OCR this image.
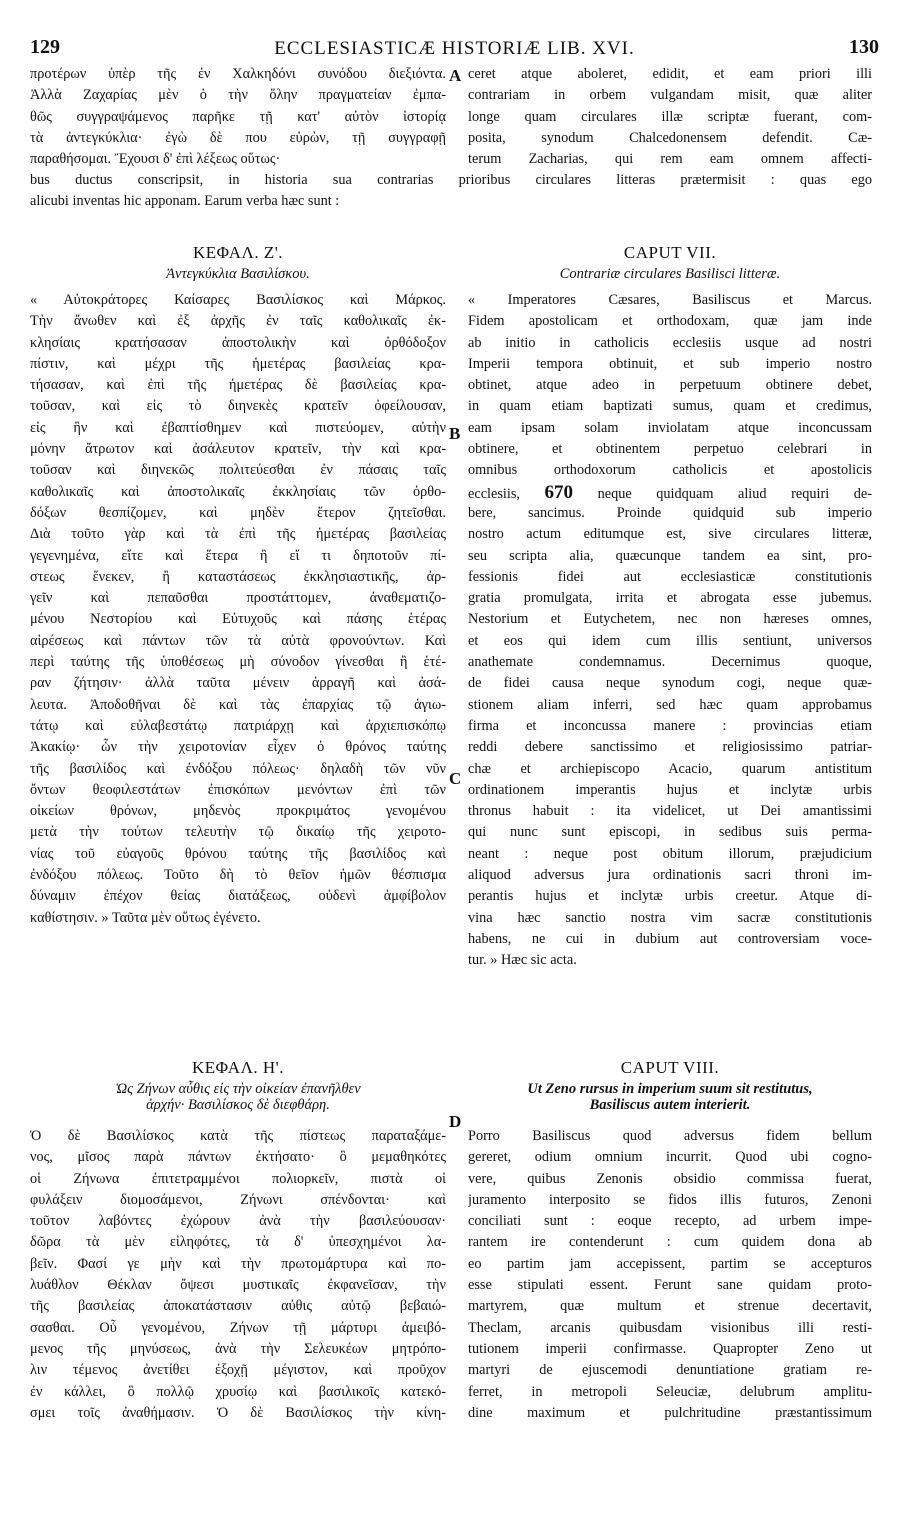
129	ECCLESIASTICÆ HISTORIÆ LIB. XVI.	130
A
B
C
D
προτέρων ὑπὲρ τῆς ἐν Χαλκηδόνι συνόδου διεξιόντα.
Ἀλλὰ Ζαχαρίας μὲν ὁ τὴν ὅλην πραγματείαν ἐμπα-
θῶς συγγραψάμενος παρῆκε τῇ κατ' αὐτὸν ἱστορίᾳ
τὰ ἀντεγκύκλια· ἐγὼ δὲ που εὑρὼν, τῇ συγγραφῇ
παραθήσομαι. Ἔχουσι δ' ἐπὶ λέξεως οὕτως·
ceret atque aboleret, edidit, et eam priori illi
contrariam in orbem vulgandam misit, quæ aliter
longe quam circulares illæ scriptæ fuerant, com-
posita, synodum Chalcedonensem defendit. Cæ-
terum Zacharias, qui rem eam omnem affecti-
bus ductus conscripsit, in historia sua contrarias prioribus circulares litteras prætermisit : quas ego
alicubi inventas hic apponam. Earum verba hæc sunt :
ΚΕΦΑΛ. Ζ'.
Ἀντεγκύκλια Βασιλίσκου.
CAPUT VII.
Contrariæ circulares Basilisci litteræ.
« Αὐτοκράτορες Καίσαρες Βασιλίσκος καὶ Μάρκος.
Τὴν ἄνωθεν καὶ ἐξ ἀρχῆς ἐν ταῖς καθολικαῖς ἐκ-
κλησίαις κρατήσασαν ἀποστολικὴν καὶ ὀρθόδοξον
πίστιν, καὶ μέχρι τῆς ἡμετέρας βασιλείας κρα-
τήσασαν, καὶ ἐπὶ τῆς ἡμετέρας δὲ βασιλείας κρα-
τοῦσαν, καὶ εἰς τὸ διηνεκὲς κρατεῖν ὀφείλουσαν,
εἰς ἣν καὶ ἐβαπτίσθημεν καὶ πιστεύομεν, αὐτὴν
μόνην ἄτρωτον καὶ ἀσάλευτον κρατεῖν, τὴν καὶ κρα-
τοῦσαν καὶ διηνεκῶς πολιτεύεσθαι ἐν πάσαις ταῖς
καθολικαῖς καὶ ἀποστολικαῖς ἐκκλησίαις τῶν ὀρθο-
δόξων θεσπίζομεν, καὶ μηδὲν ἕτερον ζητεῖσθαι.
Διὰ τοῦτο γὰρ καὶ τὰ ἐπὶ τῆς ἡμετέρας βασιλείας
γεγενημένα, εἴτε καὶ ἕτερα ἢ εἴ τι δηποτοῦν πί-
στεως ἕνεκεν, ἢ καταστάσεως ἐκκλησιαστικῆς, ἀρ-
γεῖν καὶ πεπαῦσθαι προστάττομεν, ἀναθεματιζο-
μένου Νεστορίου καὶ Εὐτυχοῦς καὶ πάσης ἑτέρας
αἱρέσεως καὶ πάντων τῶν τὰ αὐτὰ φρονούντων. Καὶ
περὶ ταύτης τῆς ὑποθέσεως μὴ σύνοδον γίνεσθαι ἢ ἑτέ-
ραν ζήτησιν· ἀλλὰ ταῦτα μένειν ἀρραγῆ καὶ ἀσά-
λευτα. Ἀποδοθῆναι δὲ καὶ τὰς ἐπαρχίας τῷ ἁγιω-
τάτῳ καὶ εὐλαβεστάτῳ πατριάρχῃ καὶ ἀρχιεπισκόπῳ
Ἀκακίῳ· ὧν τὴν χειροτονίαν εἶχεν ὁ θρόνος ταύτης
τῆς βασιλίδος καὶ ἐνδόξου πόλεως· δηλαδὴ τῶν νῦν
ὄντων θεοφιλεστάτων ἐπισκόπων μενόντων ἐπὶ τῶν
οἰκείων θρόνων, μηδενὸς προκριμάτος γενομένου
μετὰ τὴν τούτων τελευτὴν τῷ δικαίῳ τῆς χειροτο-
νίας τοῦ εὐαγοῦς θρόνου ταύτης τῆς βασιλίδος καὶ
ἐνδόξου πόλεως. Τοῦτο δὴ τὸ θεῖον ἡμῶν θέσπισμα
δύναμιν ἐπέχον θείας διατάξεως, οὐδενὶ ἀμφίβολον
καθίστησιν. » Ταῦτα μὲν οὕτως ἐγένετο.
« Imperatores Cæsares, Basiliscus et Marcus.
Fidem apostolicam et orthodoxam, quæ jam inde
ab initio in catholicis ecclesiis usque ad nostri
Imperii tempora obtinuit, et sub imperio nostro
obtinet, atque adeo in perpetuum obtinere debet,
in quam etiam baptizati sumus, quam et credimus,
eam ipsam solam inviolatam atque inconcussam
obtinere, et obtinentem perpetuo celebrari in
omnibus orthodoxorum catholicis et apostolicis
ecclesiis, 670 neque quidquam aliud requiri de-
bere, sancimus. Proinde quidquid sub imperio
nostro actum editumque est, sive circulares litteræ,
seu scripta alia, quæcunque tandem ea sint, pro-
fessionis fidei aut ecclesiasticæ constitutionis
gratia promulgata, irrita et abrogata esse jubemus.
Nestorium et Eutychetem, nec non hæreses omnes,
et eos qui idem cum illis sentiunt, universos
anathemate condemnamus. Decernimus quoque,
de fidei causa neque synodum cogi, neque quæ-
stionem aliam inferri, sed hæc quam approbamus
firma et inconcussa manere : provincias etiam
reddi debere sanctissimo et religiosissimo patriar-
chæ et archiepiscopo Acacio, quarum antistitum
ordinationem imperantis hujus et inclytæ urbis
thronus habuit : ita videlicet, ut Dei amantissimi
qui nunc sunt episcopi, in sedibus suis perma-
neant : neque post obitum illorum, præjudicium
aliquod adversus jura ordinationis sacri throni im-
perantis hujus et inclytæ urbis creetur. Atque di-
vina hæc sanctio nostra vim sacræ constitutionis
habens, ne cui in dubium aut controversiam voce-
tur. » Hæc sic acta.
ΚΕΦΑΛ. Η'.
Ὡς Ζήνων αὖθις εἰς τὴν οἰκείαν ἐπανῆλθεν
ἀρχήν· Βασιλίσκος δὲ διεφθάρη.
CAPUT VIII.
Ut Zeno rursus in imperium suum sit restitutus,
Basiliscus autem interierit.
Ὁ δὲ Βασιλίσκος κατὰ τῆς πίστεως παραταξάμε-
νος, μῖσος παρὰ πάντων ἐκτήσατο· ὃ μεμαθηκότες
οἱ Ζήνωνα ἐπιτετραμμένοι πολιορκεῖν, πιστὰ οἱ
φυλάξειν διομοσάμενοι, Ζήνωνι σπένδονται· καὶ
τοῦτον λαβόντες ἐχώρουν ἀνὰ τὴν βασιλεύουσαν·
δῶρα τὰ μὲν εἰληφότες, τὰ δ' ὑπεσχημένοι λα-
βεῖν. Φασί γε μὴν καὶ τὴν πρωτομάρτυρα καὶ πο-
λυάθλον Θέκλαν ὄψεσι μυστικαῖς ἐκφανεῖσαν, τὴν
τῆς βασιλείας ἀποκατάστασιν αὐθις αὐτῷ βεβαιώ-
σασθαι. Οὗ γενομένου, Ζήνων τῇ μάρτυρι ἀμειβό-
μενος τῆς μηνύσεως, ἀνὰ τὴν Σελευκέων μητρόπο-
λιν τέμενος ἀνετίθει ἐξοχῇ μέγιστον, καὶ προῦχον
ἐν κάλλει, ὃ πολλῷ χρυσίῳ καὶ βασιλικοῖς κατεκό-
σμει τοῖς ἀναθήμασιν. Ὁ δὲ Βασιλίσκος τὴν κίνη-
Porro Basiliscus quod adversus fidem bellum
gereret, odium omnium incurrit. Quod ubi cogno-
vere, quibus Zenonis obsidio commissa fuerat,
juramento interposito se fidos illis futuros, Zenoni
conciliati sunt : eoque recepto, ad urbem impe-
rantem ire contenderunt : cum quidem dona ab
eo partim jam accepissent, partim se accepturos
esse stipulati essent. Ferunt sane quidam proto-
martyrem, quæ multum et strenue decertavit,
Theclam, arcanis quibusdam visionibus illi resti-
tutionem imperii confirmasse. Quapropter Zeno ut
martyri de ejuscemodi denuntiatione gratiam re-
ferret, in metropoli Seleuciæ, delubrum amplitu-
dine maximum et pulchritudine præstantissimum
